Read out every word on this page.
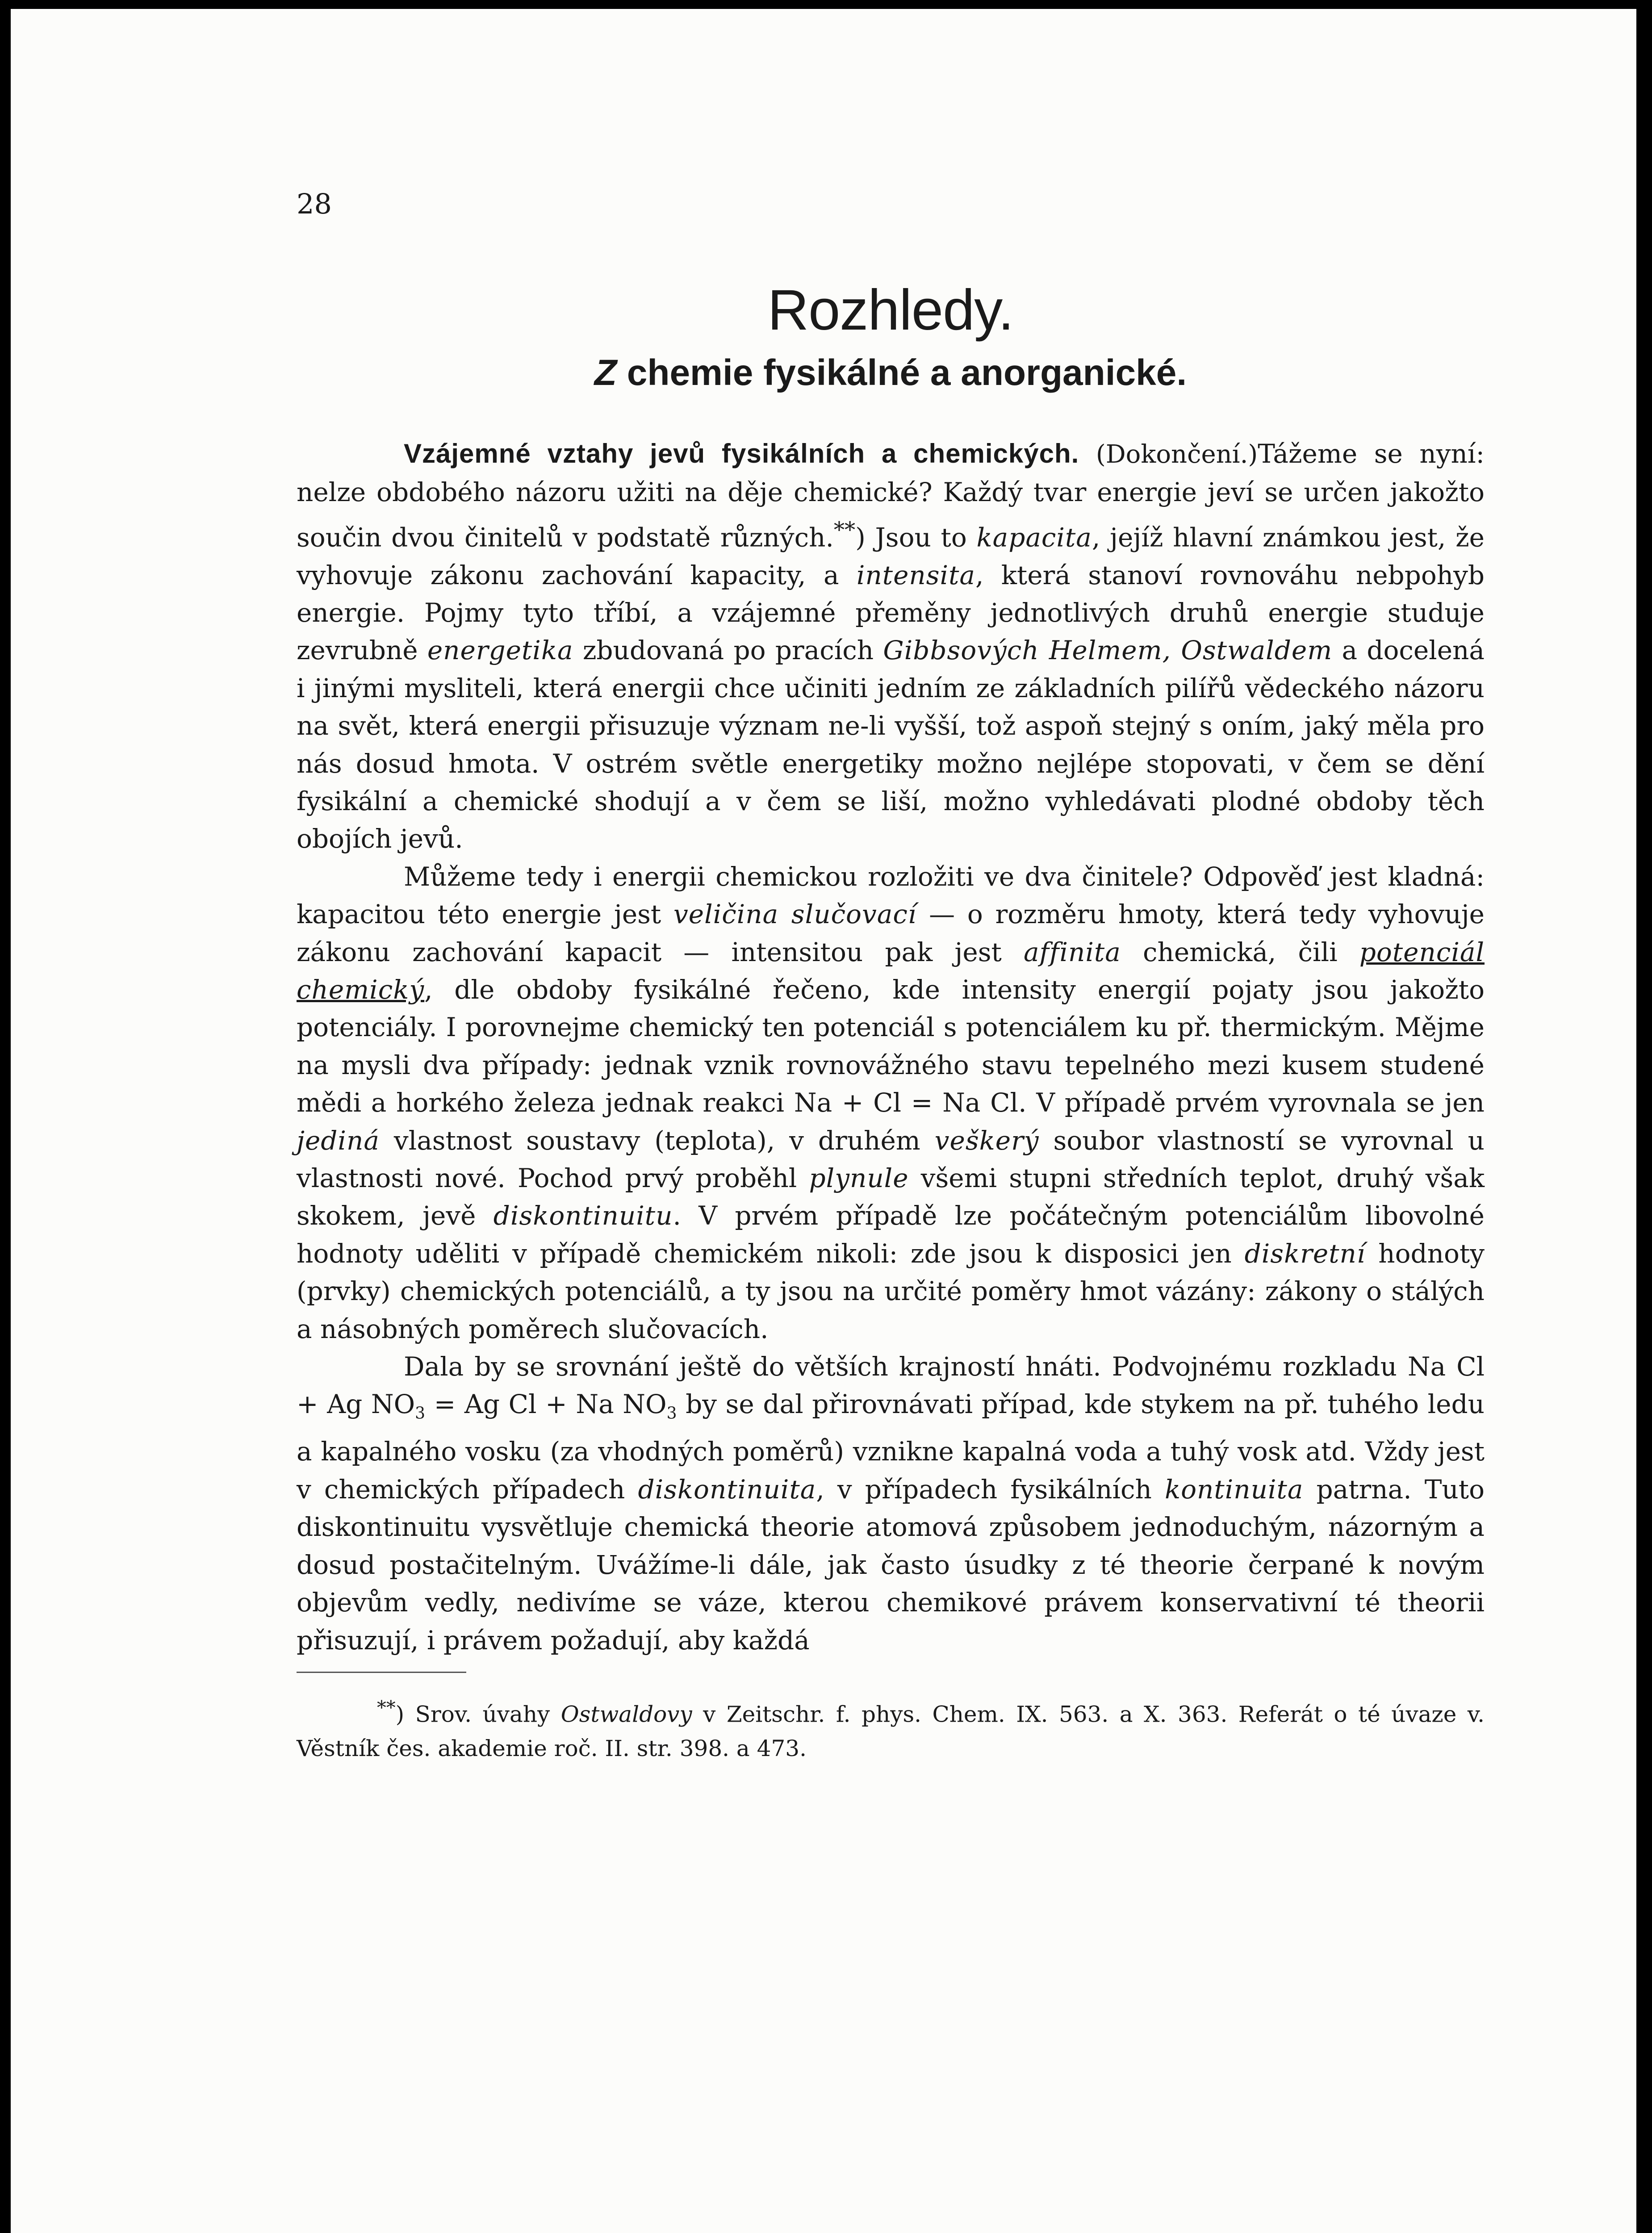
28
Rozhledy.
Z chemie fysikálné a anorganické.

Vzájemné vztahy jevů fysikálních a chemických. (Dokončení.)Tážeme se nyní: nelze obdobého názoru užiti na děje chemické? Každý tvar energie jeví se určen jakožto součin dvou činitelů v podstatě různých.**) Jsou to kapacita, jejíž hlavní známkou jest, že vyhovuje zákonu zachování kapacity, a intensita, která stanoví rovnováhu nebpohyb energie. Pojmy tyto tříbí, a vzájemné přeměny jednotlivých druhů energie studuje zevrubně energetika zbudovaná po pracích Gibbsových Helmem, Ostwaldem a docelená i jinými mysliteli, která energii chce učiniti jedním ze základních pilířů vědeckého názoru na svět, která energii přisuzuje význam ne-li vyšší, tož aspoň stejný s oním, jaký měla pro nás dosud hmota. V ostrém světle energetiky možno nejlépe stopovati, v čem se dění fysikální a chemické shodují a v čem se liší, možno vyhledávati plodné obdoby těch obojích jevů.

Můžeme tedy i energii chemickou rozložiti ve dva činitele? Odpověď jest kladná: kapacitou této energie jest veličina slučovací — o rozměru hmoty, která tedy vyhovuje zákonu zachování kapacit — intensitou pak jest affinita chemická, čili potenciál chemický, dle obdoby fysikálné řečeno, kde intensity energií pojaty jsou jakožto potenciály. I porovnejme chemický ten potenciál s potenciálem ku př. thermickým. Mějme na mysli dva případy: jednak vznik rovnovážného stavu tepelného mezi kusem studené mědi a horkého železa jednak reakci Na + Cl = Na Cl. V případě prvém vyrovnala se jen jediná vlastnost soustavy (teplota), v druhém veškerý soubor vlastností se vyrovnal u vlastnosti nové. Pochod prvý proběhl plynule všemi stupni středních teplot, druhý však skokem, jevě diskontinuitu. V prvém případě lze počátečným potenciálům libovolné hodnoty uděliti v případě chemickém nikoli: zde jsou k disposici jen diskretní hodnoty (prvky) chemických potenciálů, a ty jsou na určité poměry hmot vázány: zákony o stálých a násobných poměrech slučovacích.

Dala by se srovnání ještě do větších krajností hnáti. Podvojnému rozkladu Na Cl + Ag $NO_3 = Ag$ Cl + Na $NO_3$ by se dal přirovnávati případ, kde stykem na př. tuhého ledu a kapalného vosku (za vhodných poměrů) vznikne kapalná voda a tuhý vosk atd. Vždy jest v chemických případech diskontinuita, v případech fysikálních kontinuita patrna. Tuto diskontinuitu vysvětluje chemická theorie atomová způsobem jednoduchým, názorným a dosud postačitelným. Uvážíme-li dále, jak často úsudky z té theorie čerpané k novým objevům vedly, nedivíme se váze, kterou chemikové právem konservativní té theorii přisuzují, i právem požadují, aby každá

**) Srov. úvahy Ostwaldovy v Zeitschr. f. phys. Chem. IX. 563. a X. 363. Referát o té úvaze v. Věstník čes. akademie roč. II. str. 398. a 473.
